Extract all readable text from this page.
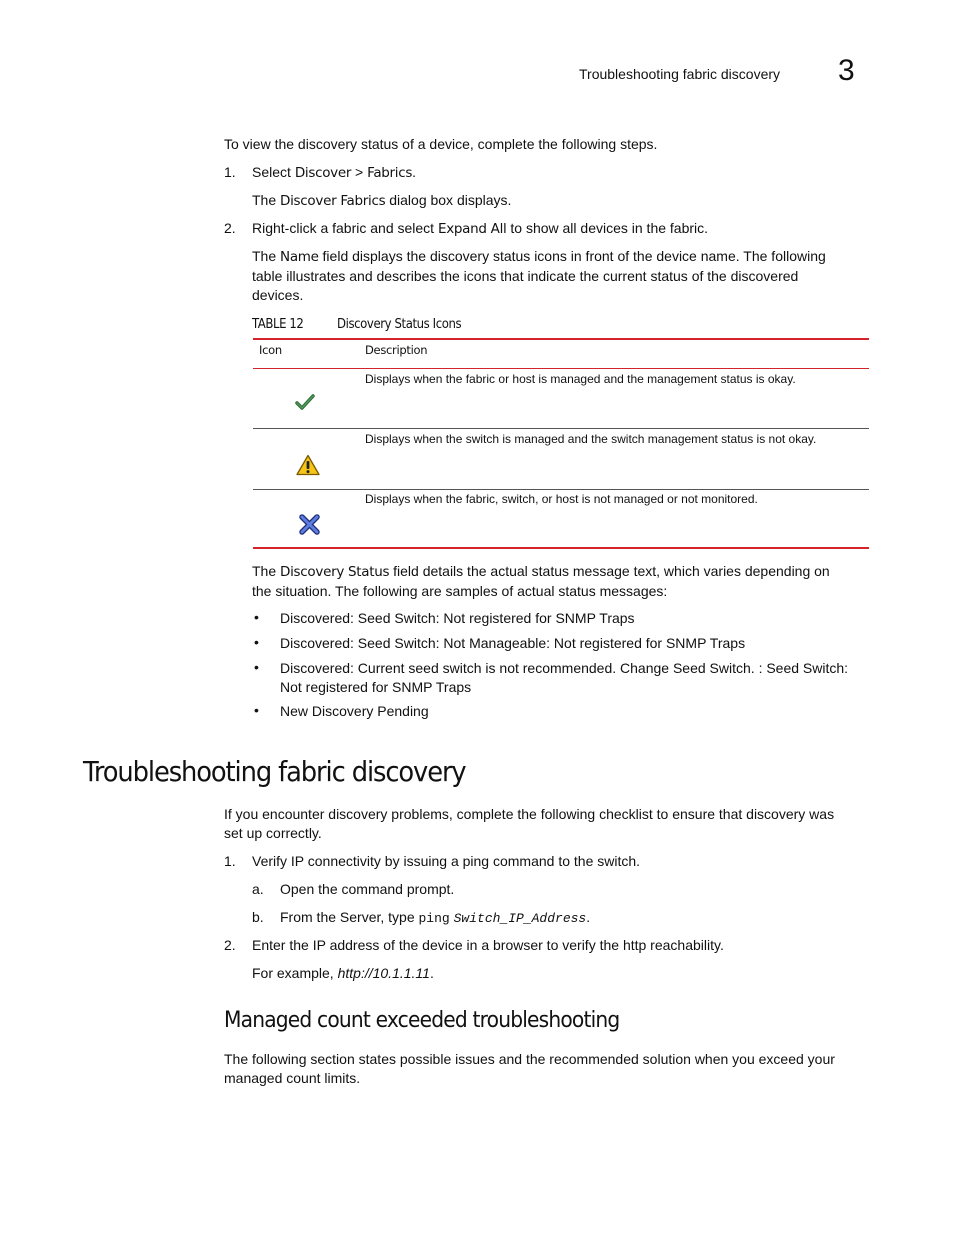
Troubleshooting fabric discovery 3
To view the discovery status of a device, complete the following steps.
1. Select Discover > Fabrics.
The Discover Fabrics dialog box displays.
2. Right-click a fabric and select Expand All to show all devices in the fabric.
The Name field displays the discovery status icons in front of the device name. The following
table illustrates and describes the icons that indicate the current status of the discovered
devices.
TABLE 12	Discovery Status Icons
Icon	Description
Displays when the fabric or host is managed and the management status is okay.
Displays when the switch is managed and the switch management status is not okay.
Displays when the fabric, switch, or host is not managed or not monitored.
The Discovery Status field details the actual status message text, which varies depending on
the situation. The following are samples of actual status messages:
• Discovered: Seed Switch: Not registered for SNMP Traps
• Discovered: Seed Switch: Not Manageable: Not registered for SNMP Traps
• Discovered: Current seed switch is not recommended. Change Seed Switch. : Seed Switch:
Not registered for SNMP Traps
• New Discovery Pending
Troubleshooting fabric discovery
If you encounter discovery problems, complete the following checklist to ensure that discovery was
set up correctly.
1. Verify IP connectivity by issuing a ping command to the switch.
a. Open the command prompt.
b. From the Server, type ping Switch_IP_Address.
2. Enter the IP address of the device in a browser to verify the http reachability.
For example, http://10.1.1.11.
Managed count exceeded troubleshooting
The following section states possible issues and the recommended solution when you exceed your
managed count limits.
